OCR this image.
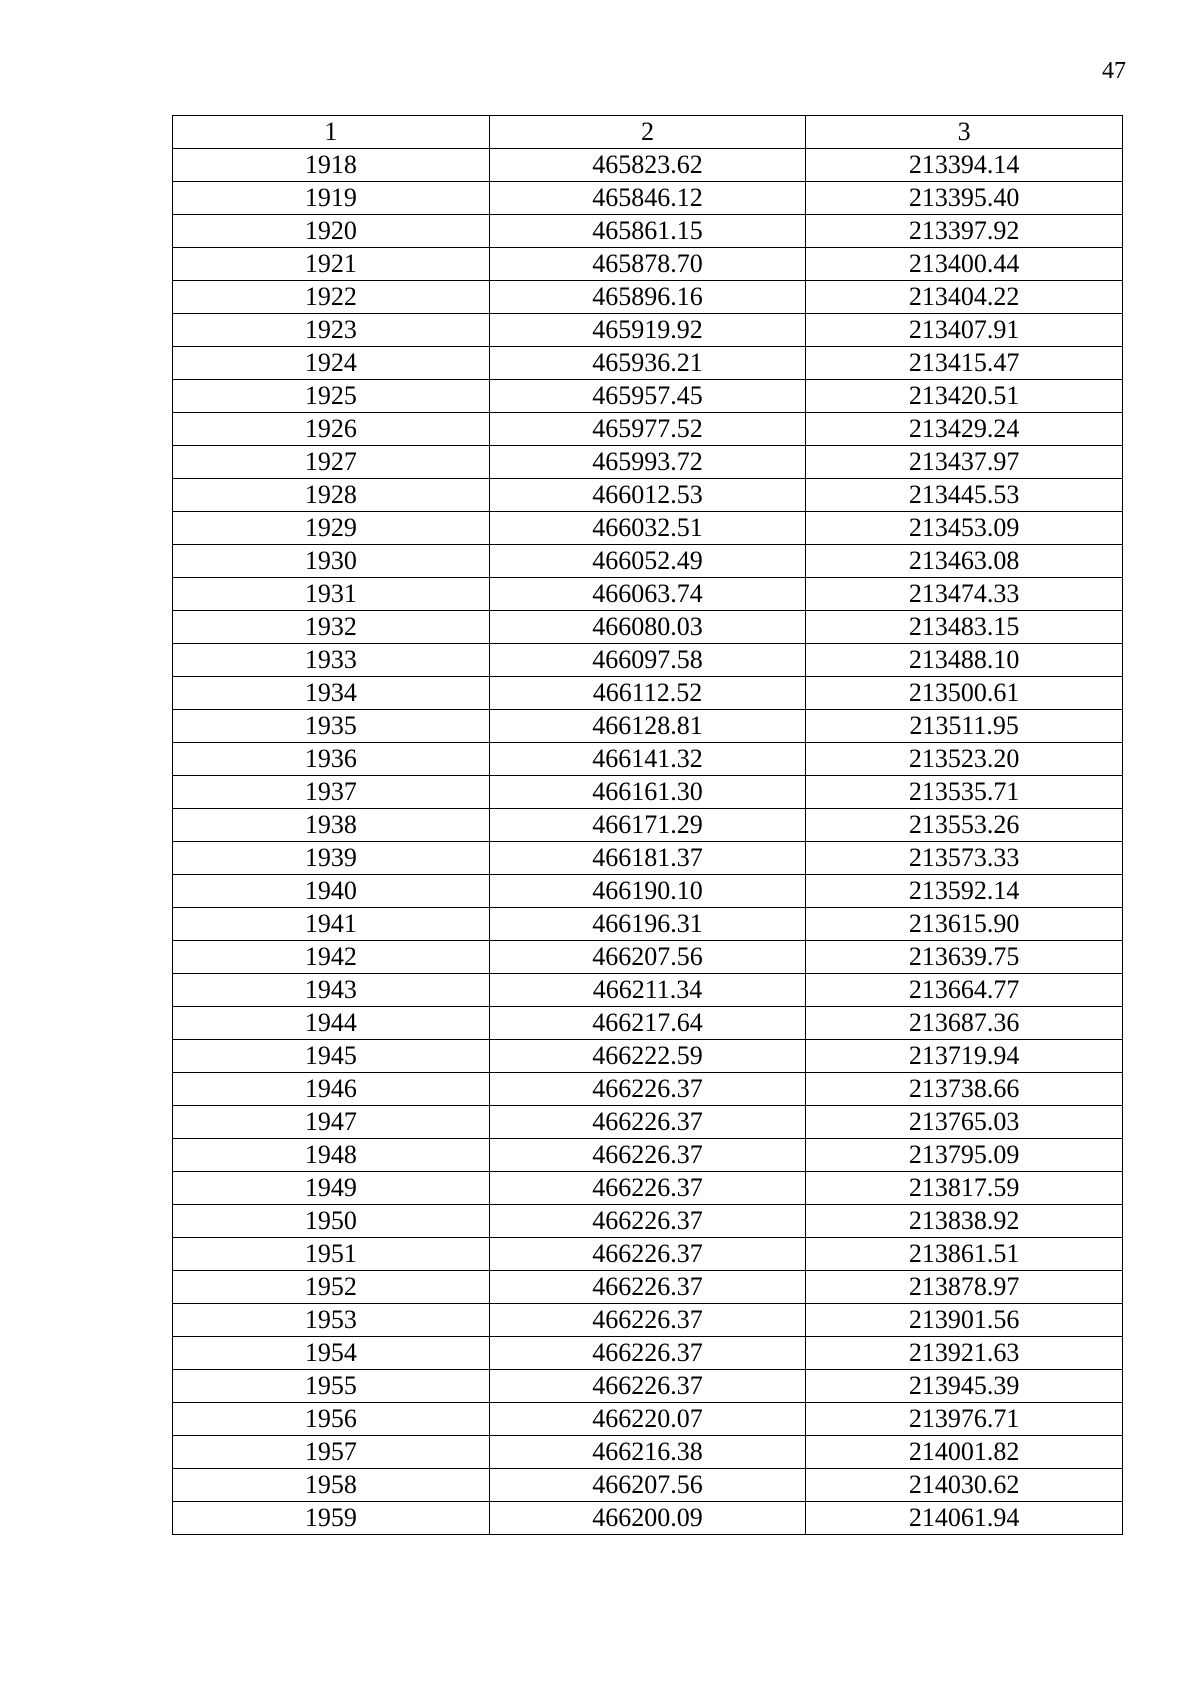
47
1	2	3
1918	465823.62	213394.14
1919	465846.12	213395.40
1920	465861.15	213397.92
1921	465878.70	213400.44
1922	465896.16	213404.22
1923	465919.92	213407.91
1924	465936.21	213415.47
1925	465957.45	213420.51
1926	465977.52	213429.24
1927	465993.72	213437.97
1928	466012.53	213445.53
1929	466032.51	213453.09
1930	466052.49	213463.08
1931	466063.74	213474.33
1932	466080.03	213483.15
1933	466097.58	213488.10
1934	466112.52	213500.61
1935	466128.81	213511.95
1936	466141.32	213523.20
1937	466161.30	213535.71
1938	466171.29	213553.26
1939	466181.37	213573.33
1940	466190.10	213592.14
1941	466196.31	213615.90
1942	466207.56	213639.75
1943	466211.34	213664.77
1944	466217.64	213687.36
1945	466222.59	213719.94
1946	466226.37	213738.66
1947	466226.37	213765.03
1948	466226.37	213795.09
1949	466226.37	213817.59
1950	466226.37	213838.92
1951	466226.37	213861.51
1952	466226.37	213878.97
1953	466226.37	213901.56
1954	466226.37	213921.63
1955	466226.37	213945.39
1956	466220.07	213976.71
1957	466216.38	214001.82
1958	466207.56	214030.62
1959	466200.09	214061.94
